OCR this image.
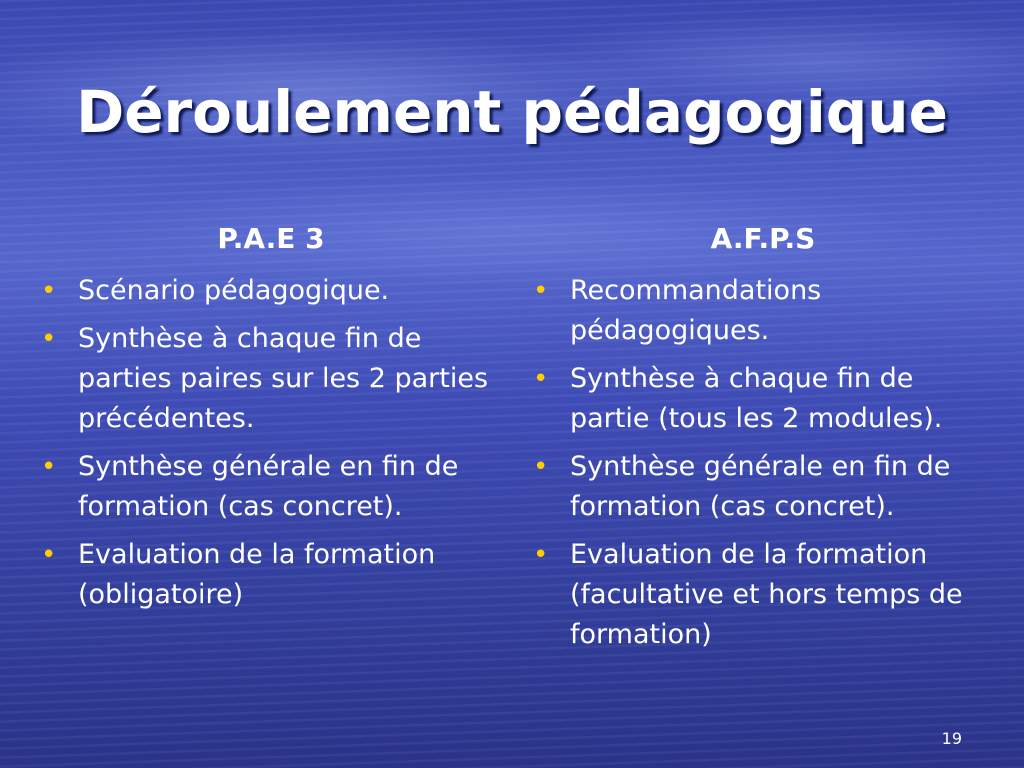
Déroulement pédagogique
P.A.E 3
• Scénario pédagogique.
• Synthèse à chaque fin de parties paires sur les 2 parties précédentes.
• Synthèse générale en fin de formation (cas concret).
• Evaluation de la formation (obligatoire)
A.F.P.S
• Recommandations pédagogiques.
• Synthèse à chaque fin de partie (tous les 2 modules).
• Synthèse générale en fin de formation (cas concret).
• Evaluation de la formation (facultative et hors temps de formation)
19
